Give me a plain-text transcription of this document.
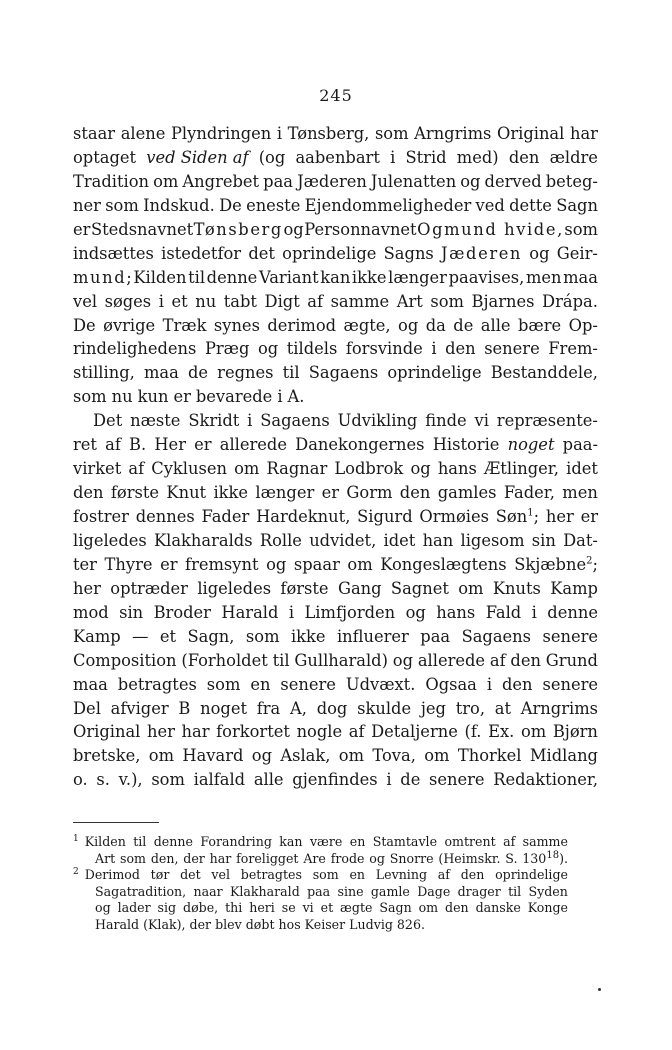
245
staar alene Plyndringen i Tønsberg, som Arngrims Original har
optaget ved Siden af (og aabenbart i Strid med) den ældre
Tradition om Angrebet paa Jæderen Julenatten og derved beteg-
ner som Indskud. De eneste Ejendommeligheder ved dette Sagn
er Stedsnavnet Tønsberg og Personnavnet Ogmund hvide, som
indsættes istedetfor det oprindelige Sagns Jæderen og Geir-
mund; Kilden til denne Variant kan ikke længer paavises, men maa
vel søges i et nu tabt Digt af samme Art som Bjarnes Drápa.
De øvrige Træk synes derimod ægte, og da de alle bære Op-
rindelighedens Præg og tildels forsvinde i den senere Frem-
stilling, maa de regnes til Sagaens oprindelige Bestanddele,
som nu kun er bevarede i A.
Det næste Skridt i Sagaens Udvikling finde vi repræsente-
ret af B. Her er allerede Danekongernes Historie noget paa-
virket af Cyklusen om Ragnar Lodbrok og hans Ætlinger, idet
den første Knut ikke længer er Gorm den gamles Fader, men
fostrer dennes Fader Hardeknut, Sigurd Ormøies Søn$^1$; her er
ligeledes Klakharalds Rolle udvidet, idet han ligesom sin Dat-
ter Thyre er fremsynt og spaar om Kongeslægtens Skjæbne$^2$;
her optræder ligeledes første Gang Sagnet om Knuts Kamp
mod sin Broder Harald i Limfjorden og hans Fald i denne
Kamp — et Sagn, som ikke influerer paa Sagaens senere
Composition (Forholdet til Gullharald) og allerede af den Grund
maa betragtes som en senere Udvæxt. Ogsaa i den senere
Del afviger B noget fra A, dog skulde jeg tro, at Arngrims
Original her har forkortet nogle af Detaljerne (f. Ex. om Bjørn
bretske, om Havard og Aslak, om Tova, om Thorkel Midlang
o. s. v.), som ialfald alle gjenfindes i de senere Redaktioner,
$^1$ Kilden til denne Forandring kan være en Stamtavle omtrent af samme
Art som den, der har foreligget Are frode og Snorre (Heimskr. S. $130^{18}$).
$^2$ Derimod tør det vel betragtes som en Levning af den oprindelige
Sagatradition, naar Klakharald paa sine gamle Dage drager til Syden
og lader sig døbe, thi heri se vi et ægte Sagn om den danske Konge
Harald (Klak), der blev døbt hos Keiser Ludvig 826.
